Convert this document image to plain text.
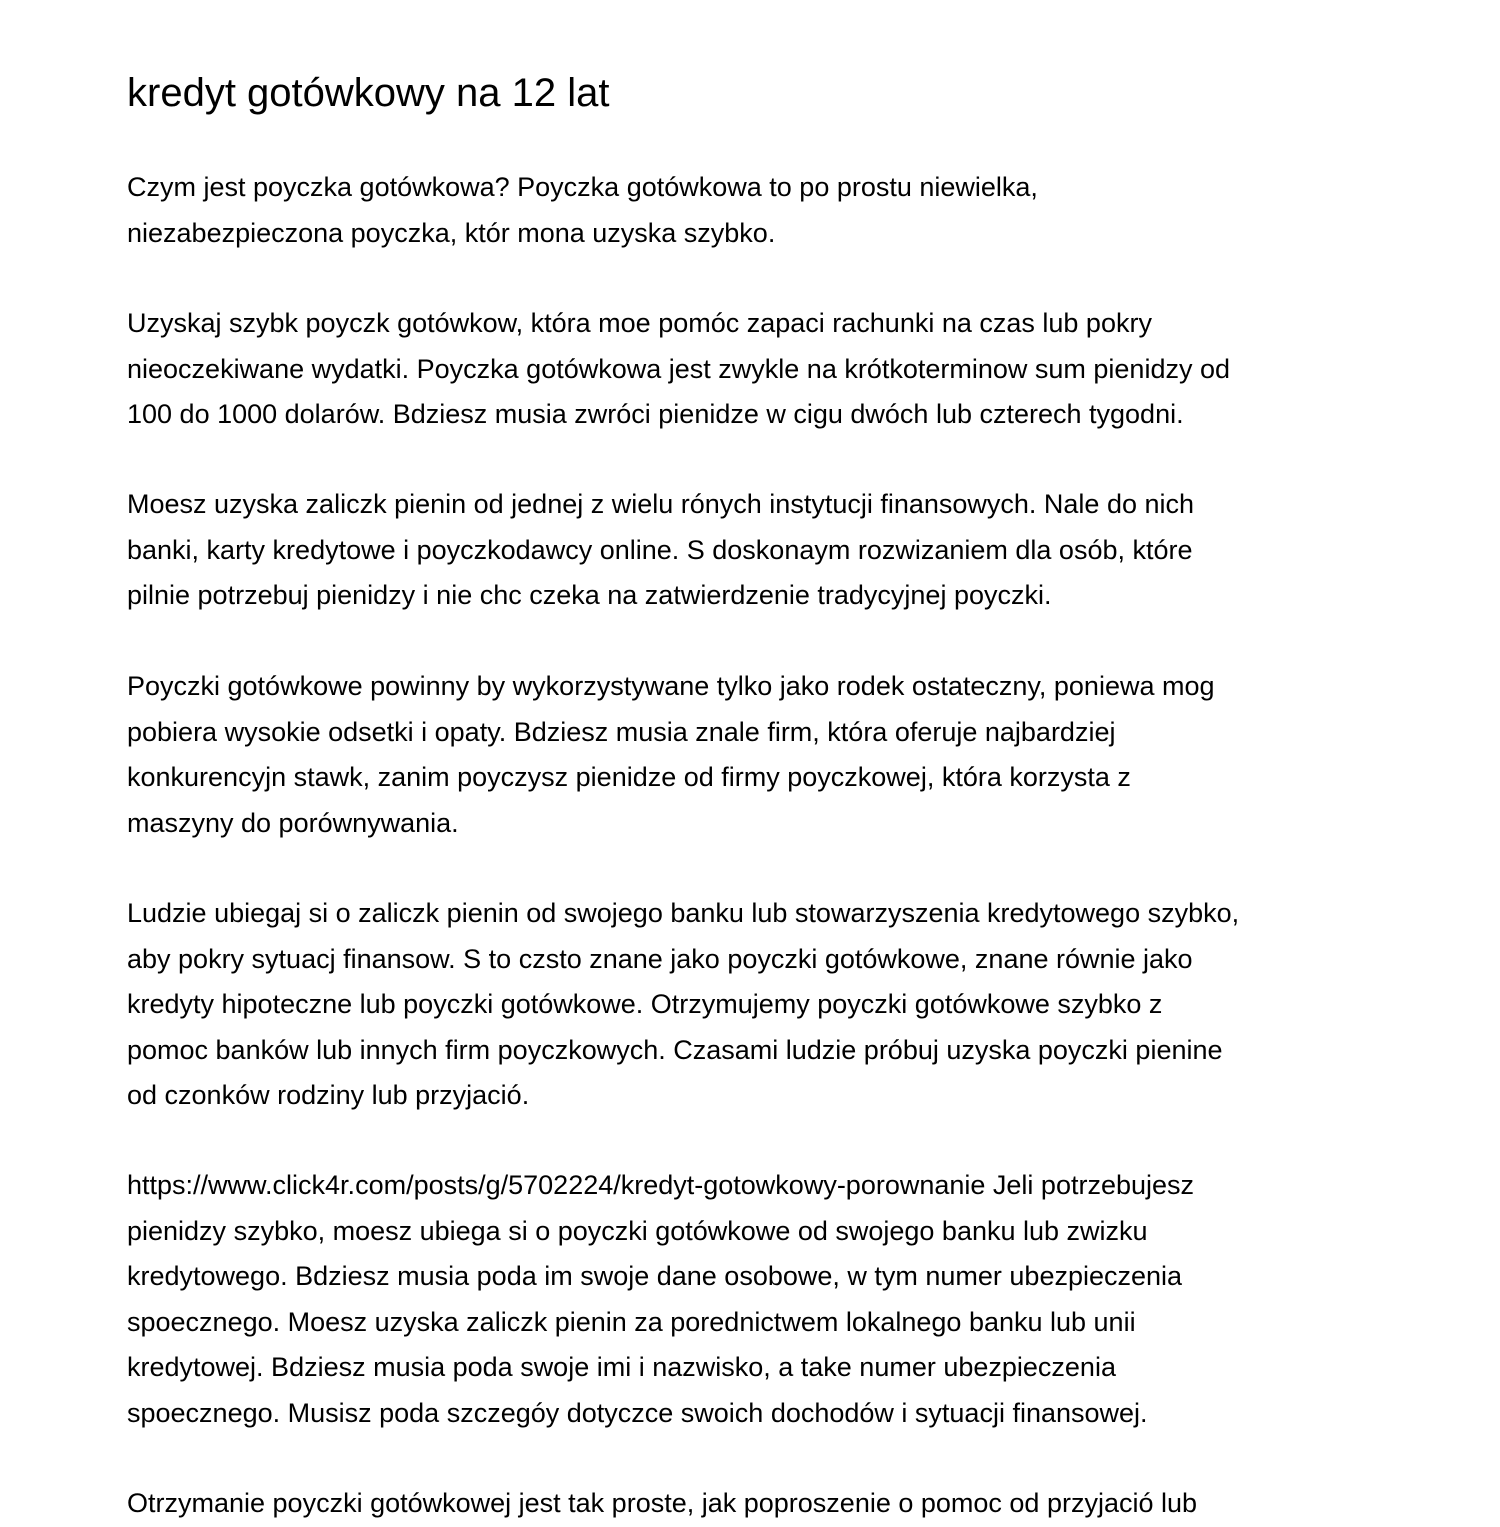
kredyt gotówkowy na 12 lat

Czym jest poyczka gotówkowa? Poyczka gotówkowa to po prostu niewielka,
niezabezpieczona poyczka, któr mona uzyska szybko.

Uzyskaj szybk poyczk gotówkow, która moe pomóc zapaci rachunki na czas lub pokry
nieoczekiwane wydatki. Poyczka gotówkowa jest zwykle na krótkoterminow sum pienidzy od
100 do 1000 dolarów. Bdziesz musia zwróci pienidze w cigu dwóch lub czterech tygodni.

Moesz uzyska zaliczk pienin od jednej z wielu rónych instytucji finansowych. Nale do nich
banki, karty kredytowe i poyczkodawcy online. S doskonaym rozwizaniem dla osób, które
pilnie potrzebuj pienidzy i nie chc czeka na zatwierdzenie tradycyjnej poyczki.

Poyczki gotówkowe powinny by wykorzystywane tylko jako rodek ostateczny, poniewa mog
pobiera wysokie odsetki i opaty. Bdziesz musia znale firm, która oferuje najbardziej
konkurencyjn stawk, zanim poyczysz pienidze od firmy poyczkowej, która korzysta z
maszyny do porównywania.

Ludzie ubiegaj si o zaliczk pienin od swojego banku lub stowarzyszenia kredytowego szybko,
aby pokry sytuacj finansow. S to czsto znane jako poyczki gotówkowe, znane równie jako
kredyty hipoteczne lub poyczki gotówkowe. Otrzymujemy poyczki gotówkowe szybko z
pomoc banków lub innych firm poyczkowych. Czasami ludzie próbuj uzyska poyczki pienine
od czonków rodziny lub przyjació.

https://www.click4r.com/posts/g/5702224/kredyt-gotowkowy-porownanie Jeli potrzebujesz
pienidzy szybko, moesz ubiega si o poyczki gotówkowe od swojego banku lub zwizku
kredytowego. Bdziesz musia poda im swoje dane osobowe, w tym numer ubezpieczenia
spoecznego. Moesz uzyska zaliczk pienin za porednictwem lokalnego banku lub unii
kredytowej. Bdziesz musia poda swoje imi i nazwisko, a take numer ubezpieczenia
spoecznego. Musisz poda szczegóy dotyczce swoich dochodów i sytuacji finansowej.

Otrzymanie poyczki gotówkowej jest tak proste, jak poproszenie o pomoc od przyjació lub
